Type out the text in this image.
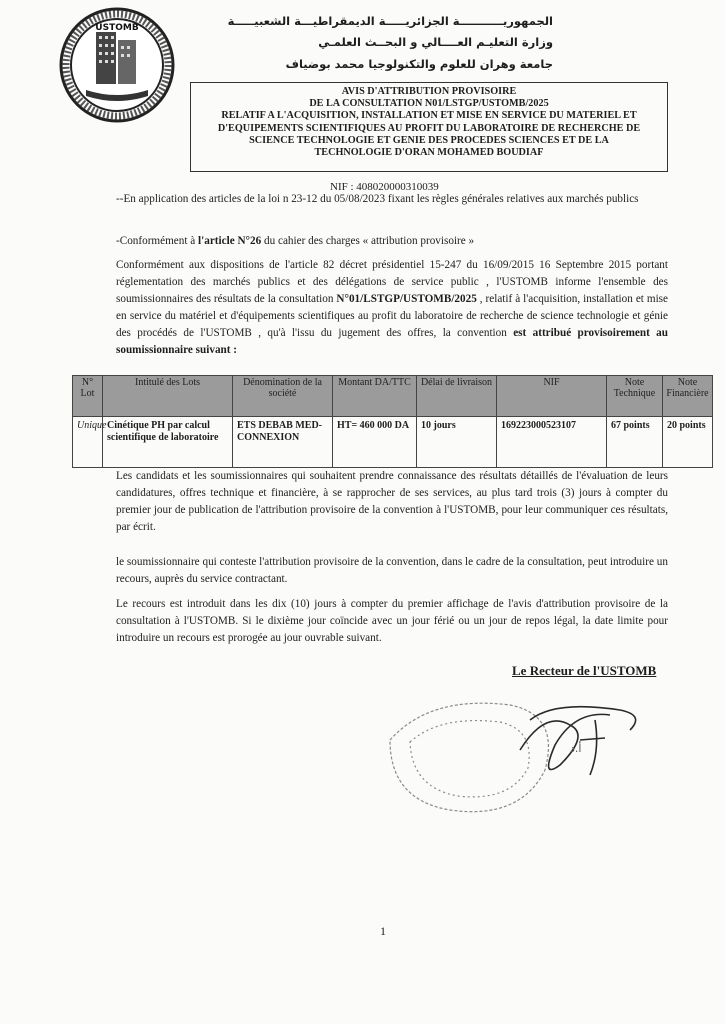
USTOMB	الجمهوريـــــــــــة الجزائريـــــة الديمقراطيـــة الشعبيـــــة
وزارة التعليـم العــــالي و البحــث العلمـي
جامعة وهران للعلوم والتكنولوجيا محمد بوضياف
AVIS D'ATTRIBUTION PROVISOIRE
DE LA CONSULTATION N01/LSTGP/USTOMB/2025
RELATIF A L'ACQUISITION, INSTALLATION ET MISE EN SERVICE DU MATERIEL ET
D'EQUIPEMENTS SCIENTIFIQUES AU PROFIT DU LABORATOIRE DE RECHERCHE DE
SCIENCE TECHNOLOGIE ET GENIE DES PROCEDES SCIENCES ET DE LA
TECHNOLOGIE D'ORAN MOHAMED BOUDIAF
NIF : 408020000310039
--En application des articles de la loi n 23-12 du 05/08/2023 fixant les règles générales relatives aux marchés publics
-Conformément à l'article N°26 du cahier des charges « attribution provisoire »
Conformément aux dispositions de l'article 82 décret présidentiel 15-247 du 16/09/2015 16 Septembre 2015 portant réglementation des marchés publics et des délégations de service public , l'USTOMB informe l'ensemble des soumissionnaires des résultats de la consultation N°01/LSTGP/USTOMB/2025 , relatif à l'acquisition, installation et mise en service du matériel et d'équipements scientifiques au profit du laboratoire de recherche de science technologie et génie des procédés de l'USTOMB , qu'à l'issu du jugement des offres, la convention est attribué provisoirement au soumissionnaire suivant :
N° Lot	Intitulé des Lots	Dénomination de la société	Montant DA/TTC	Délai de livraison	NIF	Note Technique	Note Financière
Unique	Cinétique PH par calcul scientifique de laboratoire	ETS DEBAB MED-CONNEXION	HT= 460 000 DA	10 jours	169223000523107	67 points	20 points
Les candidats et les soumissionnaires qui souhaitent prendre connaissance des résultats détaillés de l'évaluation de leurs candidatures, offres technique et financière, à se rapprocher de ses services, au plus tard trois (3) jours à compter du premier jour de publication de l'attribution provisoire de la convention à l'USTOMB, pour leur communiquer ces résultats, par écrit.
le soumissionnaire qui conteste l'attribution provisoire de la convention, dans le cadre de la consultation, peut introduire un recours, auprès du service contractant.
Le recours est introduit dans les dix (10) jours à compter du premier affichage de l'avis d'attribution provisoire de la consultation à l'USTOMB. Si le dixième jour coïncide avec un jour férié ou un jour de repos légal, la date limite pour introduire un recours est prorogée au jour ouvrable suivant.
Le Recteur de l'USTOMB
أ.د
1
